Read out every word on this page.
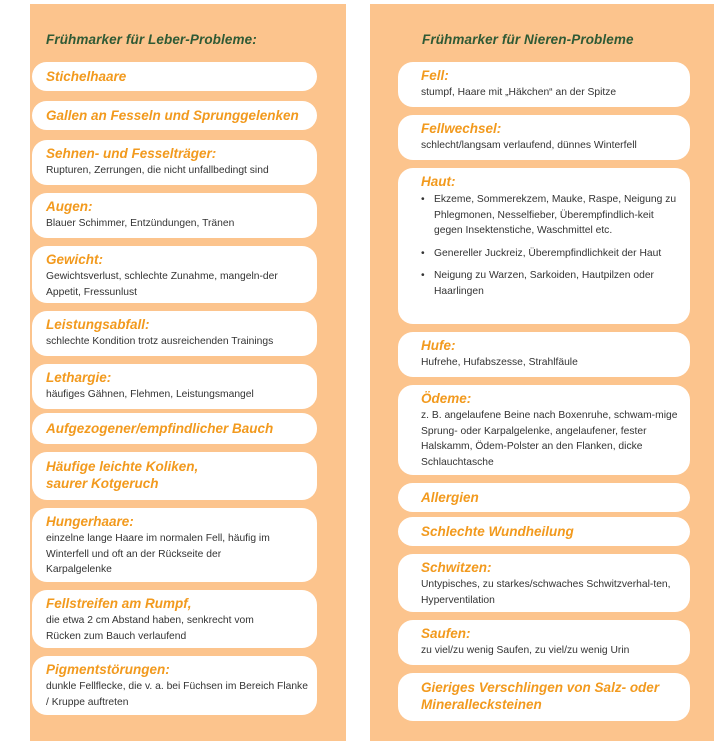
Frühmarker für Leber-Probleme:
Stichelhaare
Gallen an Fesseln und Sprunggelenken
Sehnen- und Fesselträger:
Rupturen, Zerrungen, die nicht unfallbedingt sind
Augen:
Blauer Schimmer, Entzündungen, Tränen
Gewicht:
Gewichtsverlust, schlechte Zunahme, mangeln-der Appetit, Fressunlust
Leistungsabfall:
schlechte Kondition trotz ausreichenden Trainings
Lethargie:
häufiges Gähnen, Flehmen, Leistungsmangel
Aufgezogener/empfindlicher Bauch
Häufige leichte Koliken, saurer Kotgeruch
Hungerhaare:
einzelne lange Haare im normalen Fell, häufig im Winterfell und oft an der Rückseite der Karpalgelenke
Fellstreifen am Rumpf,
die etwa 2 cm Abstand haben, senkrecht vom Rücken zum Bauch verlaufend
Pigmentstörungen:
dunkle Fellflecke, die v. a. bei Füchsen im Bereich Flanke / Kruppe auftreten
Frühmarker für Nieren-Probleme
Fell:
stumpf, Haare mit „Häkchen“ an der Spitze
Fellwechsel:
schlecht/langsam verlaufend, dünnes Winterfell
Haut:
• Ekzeme, Sommerekzem, Mauke, Raspe, Neigung zu Phlegmonen, Nesselfieber, Überempfindlich-keit gegen Insektenstiche, Waschmittel etc.
• Genereller Juckreiz, Überempfindlichkeit der Haut
• Neigung zu Warzen, Sarkoiden, Hautpilzen oder Haarlingen
Hufe:
Hufrehe, Hufabszesse, Strahlfäule
Ödeme:
z. B. angelaufene Beine nach Boxenruhe, schwam-mige Sprung- oder Karpalgelenke, angelaufener, fester Halskamm, Ödem-Polster an den Flanken, dicke Schlauchtasche
Allergien
Schlechte Wundheilung
Schwitzen:
Untypisches, zu starkes/schwaches Schwitzverhal-ten, Hyperventilation
Saufen:
zu viel/zu wenig Saufen, zu viel/zu wenig Urin
Gieriges Verschlingen von Salz- oder Minerallecksteinen
